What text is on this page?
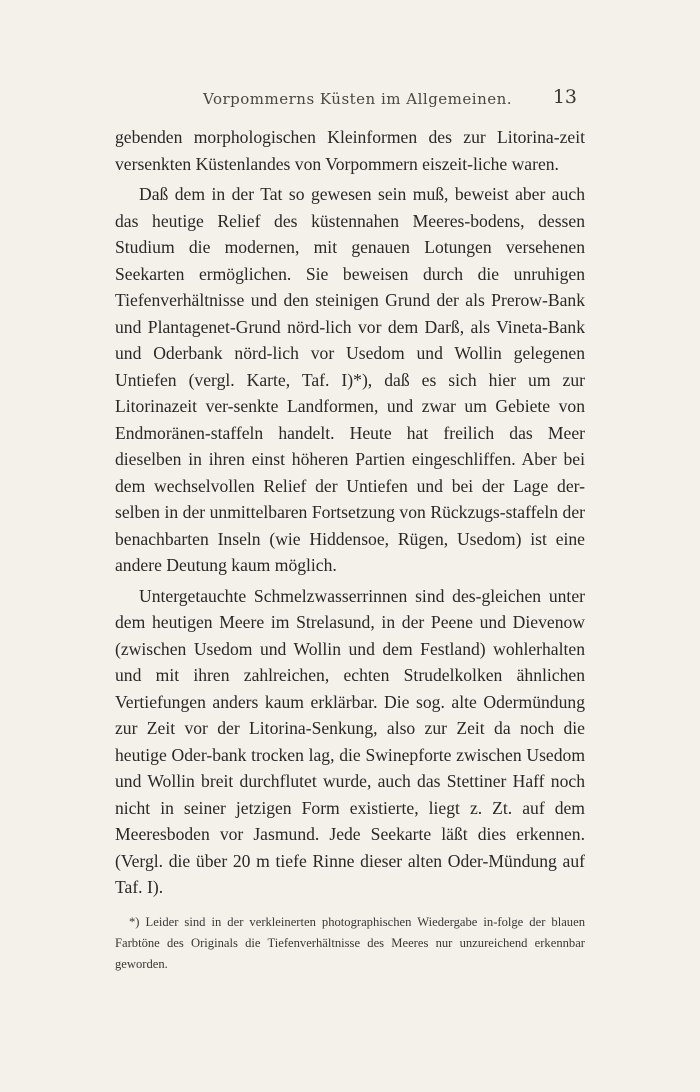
Vorpommerns Küsten im Allgemeinen. 13

gebenden morphologischen Kleinformen des zur Litorina-zeit versenkten Küstenlandes von Vorpommern eiszeit-liche waren.

Daß dem in der Tat so gewesen sein muß, beweist aber auch das heutige Relief des küstennahen Meeres-bodens, dessen Studium die modernen, mit genauen Lotungen versehenen Seekarten ermöglichen. Sie beweisen durch die unruhigen Tiefenverhältnisse und den steinigen Grund der als Prerow-Bank und Plantagenet-Grund nörd-lich vor dem Darß, als Vineta-Bank und Oderbank nörd-lich vor Usedom und Wollin gelegenen Untiefen (vergl. Karte, Taf. I)*), daß es sich hier um zur Litorinazeit ver-senkte Landformen, und zwar um Gebiete von Endmoränen-staffeln handelt. Heute hat freilich das Meer dieselben in ihren einst höheren Partien eingeschliffen. Aber bei dem wechselvollen Relief der Untiefen und bei der Lage der-selben in der unmittelbaren Fortsetzung von Rückzugs-staffeln der benachbarten Inseln (wie Hiddensoe, Rügen, Usedom) ist eine andere Deutung kaum möglich.

Untergetauchte Schmelzwasserrinnen sind des-gleichen unter dem heutigen Meere im Strelasund, in der Peene und Dievenow (zwischen Usedom und Wollin und dem Festland) wohlerhalten und mit ihren zahlreichen, echten Strudelkolken ähnlichen Vertiefungen anders kaum erklärbar. Die sog. alte Odermündung zur Zeit vor der Litorina-Senkung, also zur Zeit da noch die heutige Oder-bank trocken lag, die Swinepforte zwischen Usedom und Wollin breit durchflutet wurde, auch das Stettiner Haff noch nicht in seiner jetzigen Form existierte, liegt z. Zt. auf dem Meeresboden vor Jasmund. Jede Seekarte läßt dies erkennen. (Vergl. die über 20 m tiefe Rinne dieser alten Oder-Mündung auf Taf. I).

*) Leider sind in der verkleinerten photographischen Wiedergabe in-folge der blauen Farbtöne des Originals die Tiefenverhältnisse des Meeres nur unzureichend erkennbar geworden.
